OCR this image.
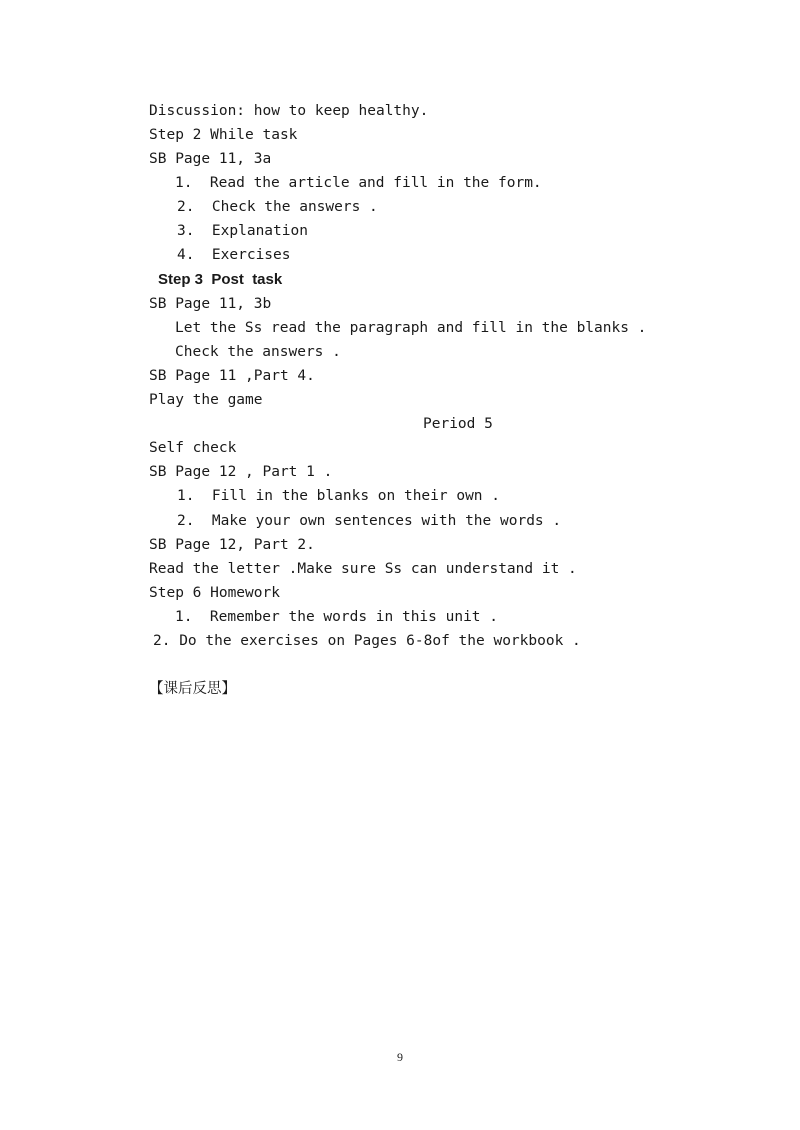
Discussion: how to keep healthy.
Step 2 While task
SB Page 11, 3a
1.  Read the article and fill in the form.
2.  Check the answers .
3.  Explanation
4.  Exercises
Step 3  Post  task
SB Page 11, 3b
Let the Ss read the paragraph and fill in the blanks .
Check the answers .
SB Page 11 ,Part 4.
Play the game
Period 5
Self check
SB Page 12 , Part 1 .
1.  Fill in the blanks on their own .
2.  Make your own sentences with the words .
SB Page 12, Part 2.
Read the letter .Make sure Ss can understand it .
Step 6 Homework
1.  Remember the words in this unit .
2. Do the exercises on Pages 6-8of the workbook .
【课后反思】
9
